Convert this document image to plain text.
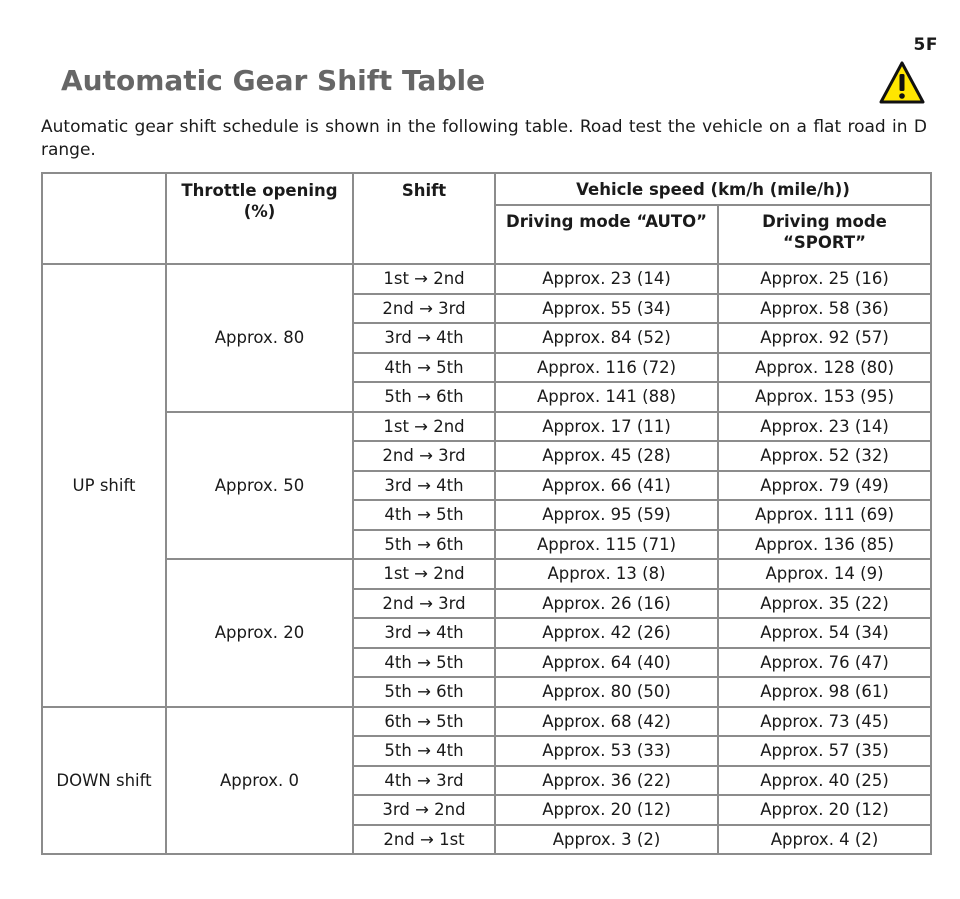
5F
Automatic Gear Shift Table

Automatic gear shift schedule is shown in the following table. Road test the vehicle on a flat road in D range.

	Throttle opening (%)	Shift	Vehicle speed (km/h (mile/h))	
			Driving mode “AUTO”	Driving mode “SPORT”
UP shift	Approx. 80	1st → 2nd	Approx. 23 (14)	Approx. 25 (16)
		2nd → 3rd	Approx. 55 (34)	Approx. 58 (36)
		3rd → 4th	Approx. 84 (52)	Approx. 92 (57)
		4th → 5th	Approx. 116 (72)	Approx. 128 (80)
		5th → 6th	Approx. 141 (88)	Approx. 153 (95)
	Approx. 50	1st → 2nd	Approx. 17 (11)	Approx. 23 (14)
		2nd → 3rd	Approx. 45 (28)	Approx. 52 (32)
		3rd → 4th	Approx. 66 (41)	Approx. 79 (49)
		4th → 5th	Approx. 95 (59)	Approx. 111 (69)
		5th → 6th	Approx. 115 (71)	Approx. 136 (85)
	Approx. 20	1st → 2nd	Approx. 13 (8)	Approx. 14 (9)
		2nd → 3rd	Approx. 26 (16)	Approx. 35 (22)
		3rd → 4th	Approx. 42 (26)	Approx. 54 (34)
		4th → 5th	Approx. 64 (40)	Approx. 76 (47)
		5th → 6th	Approx. 80 (50)	Approx. 98 (61)
DOWN shift	Approx. 0	6th → 5th	Approx. 68 (42)	Approx. 73 (45)
		5th → 4th	Approx. 53 (33)	Approx. 57 (35)
		4th → 3rd	Approx. 36 (22)	Approx. 40 (25)
		3rd → 2nd	Approx. 20 (12)	Approx. 20 (12)
		2nd → 1st	Approx. 3 (2)	Approx. 4 (2)
